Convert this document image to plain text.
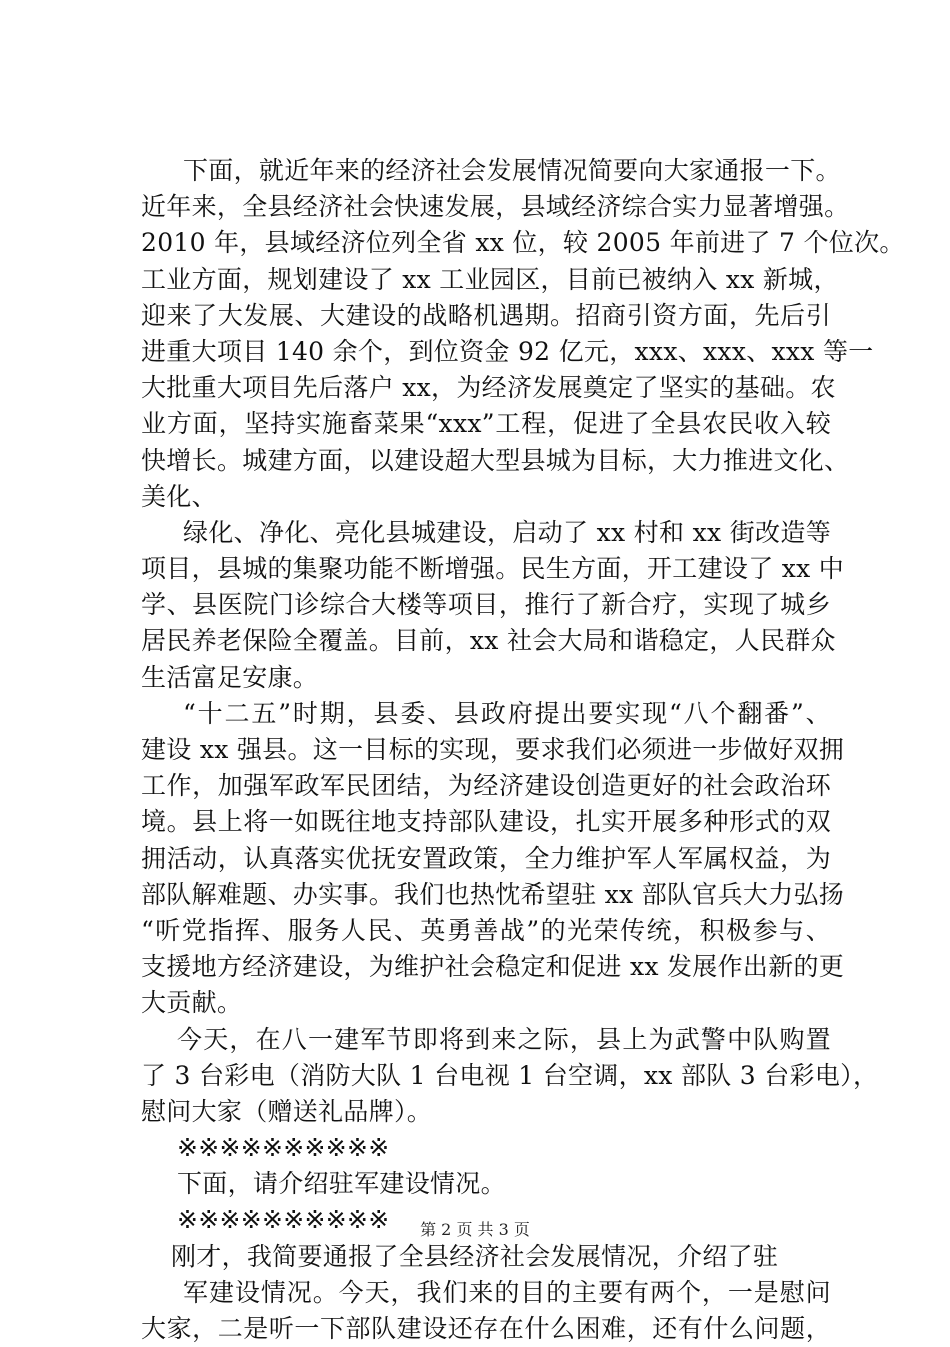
下面，就近年来的经济社会发展情况简要向大家通报一下。
近年来，全县经济社会快速发展，县域经济综合实力显著增强。
2010 年，县域经济位列全省 xx 位，较 2005 年前进了 7 个位次。
工业方面，规划建设了 xx 工业园区，目前已被纳入 xx 新城，
迎来了大发展、大建设的战略机遇期。招商引资方面，先后引
进重大项目 140 余个，到位资金 92 亿元，xxx、xxx、xxx 等一
大批重大项目先后落户 xx，为经济发展奠定了坚实的基础。农
业方面，坚持实施畜菜果“xxx”工程，促进了全县农民收入较
快增长。城建方面，以建设超大型县城为目标，大力推进文化、
美化、
绿化、净化、亮化县城建设，启动了 xx 村和 xx 街改造等
项目，县城的集聚功能不断增强。民生方面，开工建设了 xx 中
学、县医院门诊综合大楼等项目，推行了新合疗，实现了城乡
居民养老保险全覆盖。目前，xx 社会大局和谐稳定，人民群众
生活富足安康。
“十二五”时期，县委、县政府提出要实现“八个翻番”、
建设 xx 强县。这一目标的实现，要求我们必须进一步做好双拥
工作，加强军政军民团结，为经济建设创造更好的社会政治环
境。县上将一如既往地支持部队建设，扎实开展多种形式的双
拥活动，认真落实优抚安置政策，全力维护军人军属权益，为
部队解难题、办实事。我们也热忱希望驻 xx 部队官兵大力弘扬
“听党指挥、服务人民、英勇善战”的光荣传统，积极参与、
支援地方经济建设，为维护社会稳定和促进 xx 发展作出新的更
大贡献。
今天，在八一建军节即将到来之际，县上为武警中队购置
了 3 台彩电（消防大队 1 台电视 1 台空调，xx 部队 3 台彩电），
慰问大家（赠送礼品牌）。
※※※※※※※※※※
下面，请介绍驻军建设情况。
※※※※※※※※※※
刚才，我简要通报了全县经济社会发展情况，介绍了驻
军建设情况。今天，我们来的目的主要有两个，一是慰问
大家，二是听一下部队建设还存在什么困难，还有什么问题，
第 2 页 共 3 页
